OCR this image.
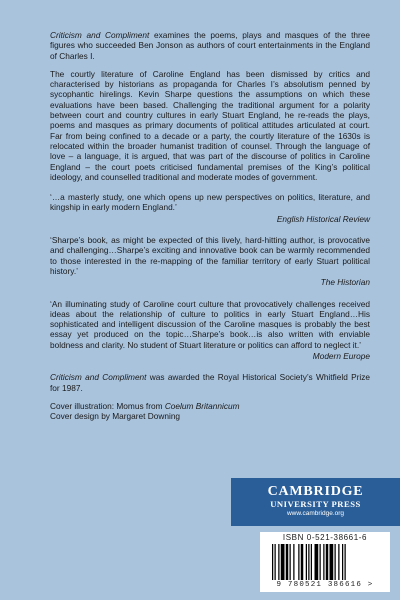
Criticism and Compliment examines the poems, plays and masques of the three figures who succeeded Ben Jonson as authors of court entertainments in the England of Charles I.

The courtly literature of Caroline England has been dismissed by critics and characterised by historians as propaganda for Charles I’s absolutism penned by sycophantic hirelings. Kevin Sharpe questions the assumptions on which these evaluations have been based. Challenging the traditional argument for a polarity between court and country cultures in early Stuart England, he re-reads the plays, poems and masques as primary documents of political attitudes articulated at court. Far from being confined to a decade or a party, the courtly literature of the 1630s is relocated within the broader humanist tradition of counsel. Through the language of love – a language, it is argued, that was part of the discourse of politics in Caroline England – the court poets criticised fundamental premises of the King’s political ideology, and counselled traditional and moderate modes of government.

‘…a masterly study, one which opens up new perspectives on politics, literature, and kingship in early modern England.’

English Historical Review

‘Sharpe’s book, as might be expected of this lively, hard-hitting author, is provocative and challenging…Sharpe’s exciting and innovative book can be warmly recommended to those interested in the re-mapping of the familiar territory of early Stuart political history.’

The Historian

‘An illuminating study of Caroline court culture that provocatively challenges received ideas about the relationship of culture to politics in early Stuart England…His sophisticated and intelligent discussion of the Caroline masques is probably the best essay yet produced on the topic…Sharpe’s book…is also written with enviable boldness and clarity. No student of Stuart literature or politics can afford to neglect it.’

Modern Europe

Criticism and Compliment was awarded the Royal Historical Society’s Whitfield Prize for 1987.

Cover illustration: Momus from Coelum Britannicum

Cover design by Margaret Downing

CAMBRIDGE
UNIVERSITY PRESS
www.cambridge.org
ISBN 0-521-38661-6
9 780521 386616 >
